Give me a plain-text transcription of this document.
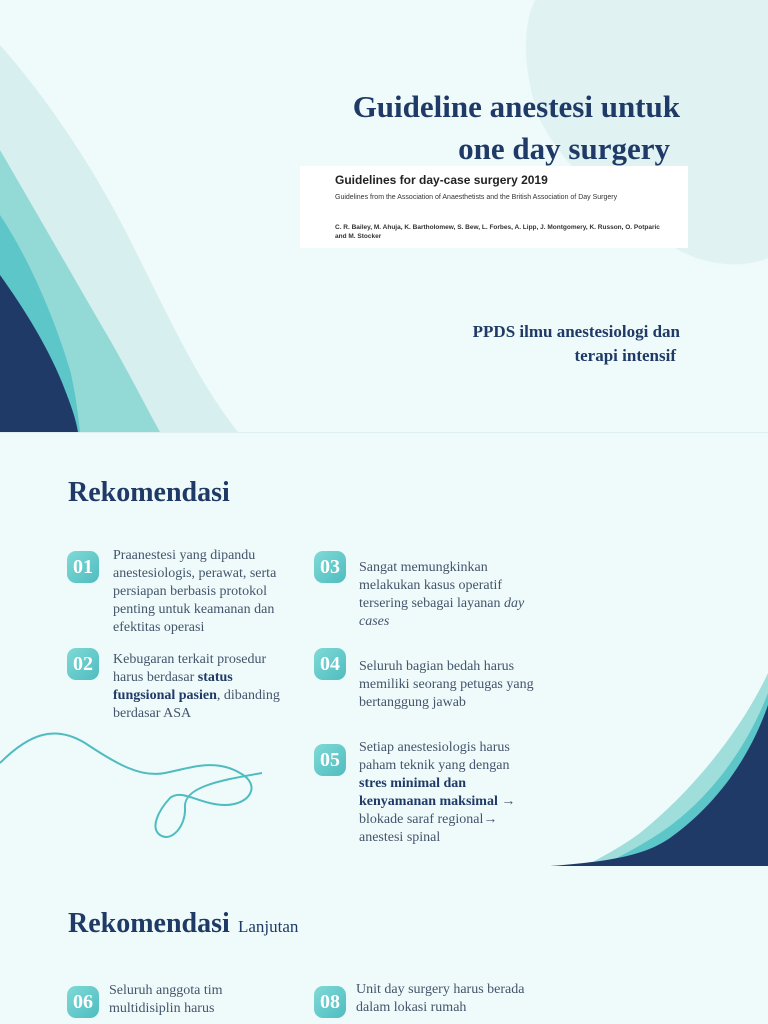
Guideline anestesi untuk
one day surgery
Guidelines for day-case surgery 2019
Guidelines from the Association of Anaesthetists and the British Association of Day Surgery
C. R. Bailey, M. Ahuja, K. Bartholomew, S. Bew, L. Forbes, A. Lipp, J. Montgomery, K. Russon, O. Potparic and M. Stocker
PPDS ilmu anestesiologi dan
terapi intensif
Rekomendasi
01
Praanestesi yang dipandu anestesiologis, perawat, serta persiapan berbasis protokol penting untuk keamanan dan efektitas operasi
02	Kebugaran terkait prosedur harus berdasar status fungsional pasien, dibanding berdasar ASA
03	Sangat memungkinkan melakukan kasus operatif tersering sebagai layanan day cases
04	Seluruh bagian bedah harus memiliki seorang petugas yang bertanggung jawab
05
Setiap anestesiologis harus paham teknik yang dengan stres minimal dan kenyamanan maksimal → blokade saraf regional→ anestesi spinal
Rekomendasi Lanjutan
06
Seluruh anggota tim multidisiplin harus	08
Unit day surgery harus berada dalam lokasi rumah
